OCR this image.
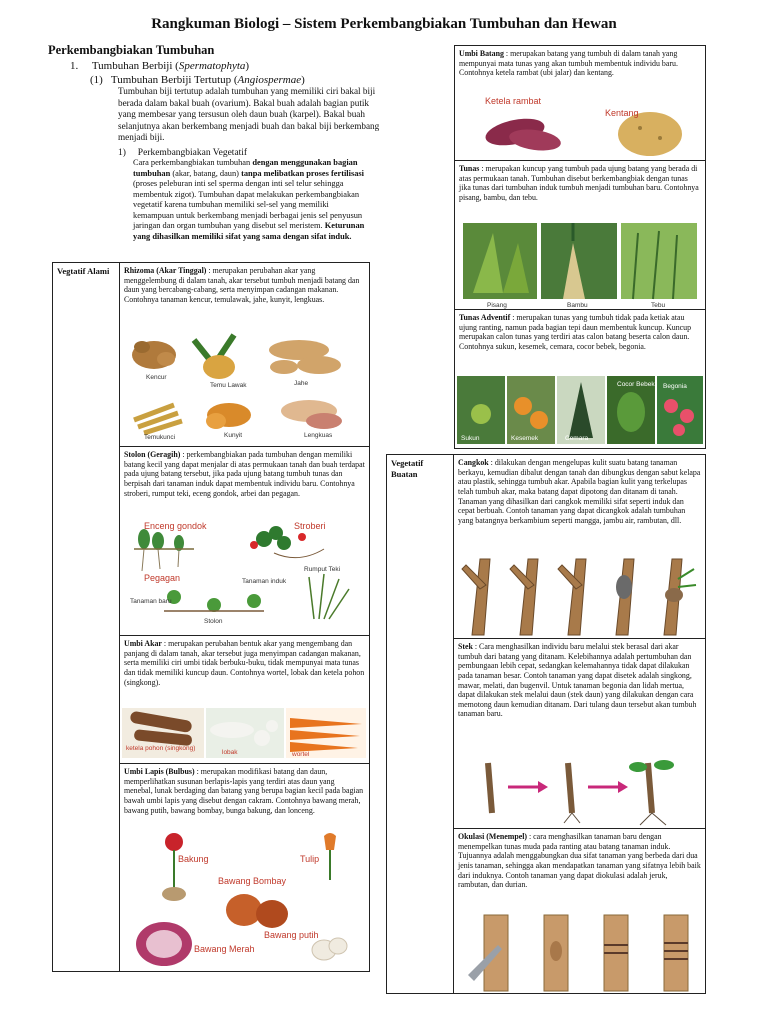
Rangkuman Biologi – Sistem Perkembangbiakan Tumbuhan dan Hewan
Perkembangbiakan Tumbuhan
1. Tumbuhan Berbiji (Spermatophyta)
(1) Tumbuhan Berbiji Tertutup (Angiospermae)
Tumbuhan biji tertutup adalah tumbuhan yang memiliki ciri bakal biji berada dalam bakal buah (ovarium). Bakal buah adalah bagian putik yang membesar yang tersusun oleh daun buah (karpel). Bakal buah selanjutnya akan berkembang menjadi buah dan bakal biji berkembang menjadi biji.
1) Perkembangbiakan Vegetatif
Cara perkembangbiakan tumbuhan dengan menggunakan bagian tumbuhan (akar, batang, daun) tanpa melibatkan proses fertilisasi (proses peleburan inti sel sperma dengan inti sel telur sehingga membentuk zigot). Tumbuhan dapat melakukan perkembangbiakan vegetatif karena tumbuhan memiliki sel-sel yang memiliki kemampuan untuk berkembang menjadi berbagai jenis sel penyusun jaringan dan organ tumbuhan yang disebut sel meristem. Keturunan yang dihasilkan memiliki sifat yang sama dengan sifat induk.
Vegtatif Alami	Rhizoma (Akar Tinggal) : merupakan perubahan akar yang menggelembung di dalam tanah, akar tersebut tumbuh menjadi batang dan daun yang bercabang-cabang, serta menyimpan cadangan makanan. Contohnya tanaman kencur, temulawak, jahe, kunyit, lengkuas.
Kencur
Temu Lawak	Jahe
Temukunci	Kunyit	Lengkuas
Stolon (Geragih) : perkembangbiakan pada tumbuhan dengan memiliki batang kecil yang dapat menjalar di atas permukaan tanah dan buah terdapat pada ujung batang tersebut, jika pada ujung batang tumbuh tunas dan berpisah dari tanaman induk dapat membentuk individu baru. Contohnya stroberi, rumput teki, eceng gondok, arbei dan pegagan.
Enceng gondok	Stroberi
Pegagan	Tanaman induk
Rumput Teki
Tanaman baru
Stolon
Umbi Akar : merupakan perubahan bentuk akar yang mengembang dan panjang di dalam tanah, akar tersebut juga menyimpan cadangan makanan, serta memiliki ciri umbi tidak berbuku-buku, tidak mempunyai mata tunas dan tidak memiliki kuncup daun. Contohnya wortel, lobak dan ketela pohon (singkong).
ketela pohon (singkong)
lobak	wortel
Umbi Lapis (Bulbus) : merupakan modifikasi batang dan daun, memperlihatkan susunan berlapis-lapis yang terdiri atas daun yang menebal, lunak berdaging dan batang yang berupa bagian kecil pada bagian bawah umbi lapis yang disebut dengan cakram. Contohnya bawang merah, bawang putih, bawang bombay, bunga bakung, dan lonceng.
Bakung	Tulip
Bawang Bombay
Bawang Merah
Bawang putih
Umbi Batang : merupakan batang yang tumbuh di dalam tanah yang mempunyai mata tunas yang akan tumbuh membentuk individu baru. Contohnya ketela rambat (ubi jalar) dan kentang.
Ketela rambat
Kentang
Tunas : merupakan kuncup yang tumbuh pada ujung batang yang berada di atas permukaan tanah. Tumbuhan disebut berkembangbiak dengan tunas jika tunas dari tumbuhan induk tumbuh menjadi tumbuhan baru. Contohnya pisang, bambu, dan tebu.
Pisang	Bambu	Tebu
Tunas Adventif : merupakan tunas yang tumbuh tidak pada ketiak atau ujung ranting, namun pada bagian tepi daun membentuk kuncup. Kuncup merupakan calon tunas yang terdiri atas calon batang beserta calon daun. Contohnya sukun, kesemek, cemara, cocor bebek, begonia.
Sukun	Kesemek	Cemara
Cocor Bebek Begonia
Vegetatif Buatan
Cangkok : dilakukan dengan mengelupas kulit suatu batang tanaman berkayu, kemudian dibalut dengan tanah dan dibungkus dengan sabut kelapa atau plastik, sehingga tumbuh akar. Apabila bagian kulit yang terkelupas telah tumbuh akar, maka batang dapat dipotong dan ditanam di tanah. Tanaman yang dihasilkan dari cangkok memiliki sifat seperti induk dan cepat berbuah. Contoh tanaman yang dapat dicangkok adalah tumbuhan yang batangnya berkambium seperti mangga, jambu air, rambutan, dll.
Stek : Cara menghasilkan individu baru melalui stek berasal dari akar tumbuh dari batang yang ditanam. Kelebihannya adalah pertumbuhan dan pembungaan lebih cepat, sedangkan kelemahannya tidak dapat dilakukan pada tanaman besar. Contoh tanaman yang dapat disetek adalah singkong, mawar, melati, dan bugenvil. Untuk tanaman begonia dan lidah mertua, dapat dilakukan stek melalui daun (stek daun) yang dilakukan dengan cara memotong daun kemudian ditanam. Dari tulang daun tersebut akan tumbuh tanaman baru.
Okulasi (Menempel) : cara menghasilkan tanaman baru dengan menempelkan tunas muda pada ranting atau batang tanaman induk. Tujuannya adalah menggabungkan dua sifat tanaman yang berbeda dari dua jenis tanaman, sehingga akan mendapatkan tanaman yang sifatnya lebih baik dari induknya. Contoh tanaman yang dapat diokulasi adalah jeruk, rambutan, dan durian.
